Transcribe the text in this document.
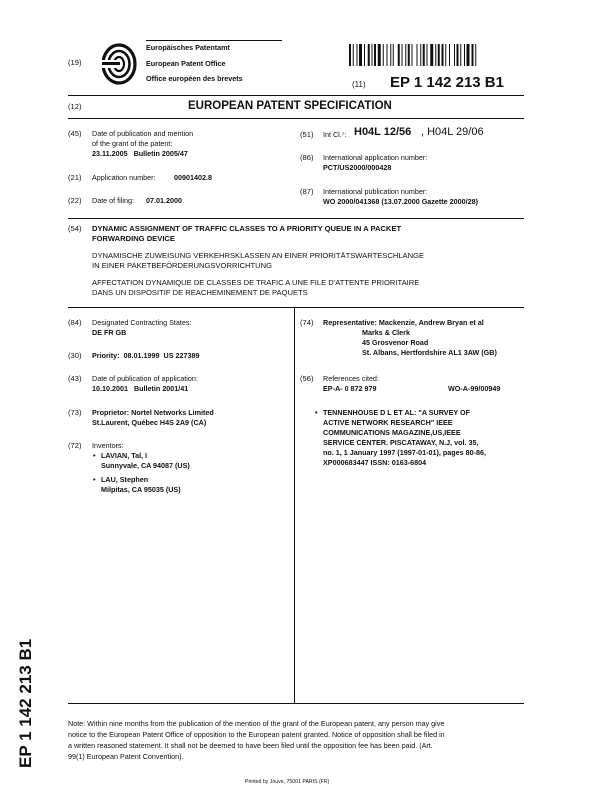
(19)
Europäisches Patentamt
European Patent Office
Office européen des brevets
(11) EP 1 142 213 B1
(12)	EUROPEAN PATENT SPECIFICATION
(45) Date of publication and mention
of the grant of the patent:
23.11.2005   Bulletin 2005/47
(21) Application number:	00901402.8
(22) Date of filing: 07.01.2000
(51) Int Cl.⁷: H04L 12/56 , H04L 29/06
(86) International application number:
PCT/US2000/000428
(87) International publication number:
WO 2000/041368 (13.07.2000 Gazette 2000/28)
(54) DYNAMIC ASSIGNMENT OF TRAFFIC CLASSES TO A PRIORITY QUEUE IN A PACKET
FORWARDING DEVICE
DYNAMISCHE ZUWEISUNG VERKEHRSKLASSEN AN EINER PRIORITÄTSWARTESCHLANGE
IN EINER PAKETBEFÖRDERUNGSVORRICHTUNG
AFFECTATION DYNAMIQUE DE CLASSES DE TRAFIC A UNE FILE D'ATTENTE PRIORITAIRE
DANS UN DISPOSITIF DE REACHEMINEMENT DE PAQUETS
(84) Designated Contracting States:
DE FR GB
(30) Priority:  08.01.1999  US 227389
(43) Date of publication of application:
10.10.2001   Bulletin 2001/41
(73) Proprietor: Nortel Networks Limited
St.Laurent, Québec H4S 2A9 (CA)
(72) Inventors:
• LAVIAN, Tal, I
Sunnyvale, CA 94087 (US)
• LAU, Stephen
Milpitas, CA 95035 (US)
(74) Representative: Mackenzie, Andrew Bryan et al
Marks & Clerk
45 Grosvenor Road
St. Albans, Hertfordshire AL1 3AW (GB)
(56) References cited:
EP-A- 0 872 979	WO-A-99/00949
• TENNENHOUSE D L ET AL: "A SURVEY OF
ACTIVE NETWORK RESEARCH" IEEE
COMMUNICATIONS MAGAZINE,US,IEEE
SERVICE CENTER. PISCATAWAY, N.J, vol. 35,
no. 1, 1 January 1997 (1997-01-01), pages 80-86,
XP000683447 ISSN: 0163-6804
EP 1 142 213 B1	Note: Within nine months from the publication of the mention of the grant of the European patent, any person may give
notice to the European Patent Office of opposition to the European patent granted. Notice of opposition shall be filed in
a written reasoned statement. It shall not be deemed to have been filed until the opposition fee has been paid. (Art.
99(1) European Patent Convention).
Printed by Jouve, 75001 PARIS (FR)
